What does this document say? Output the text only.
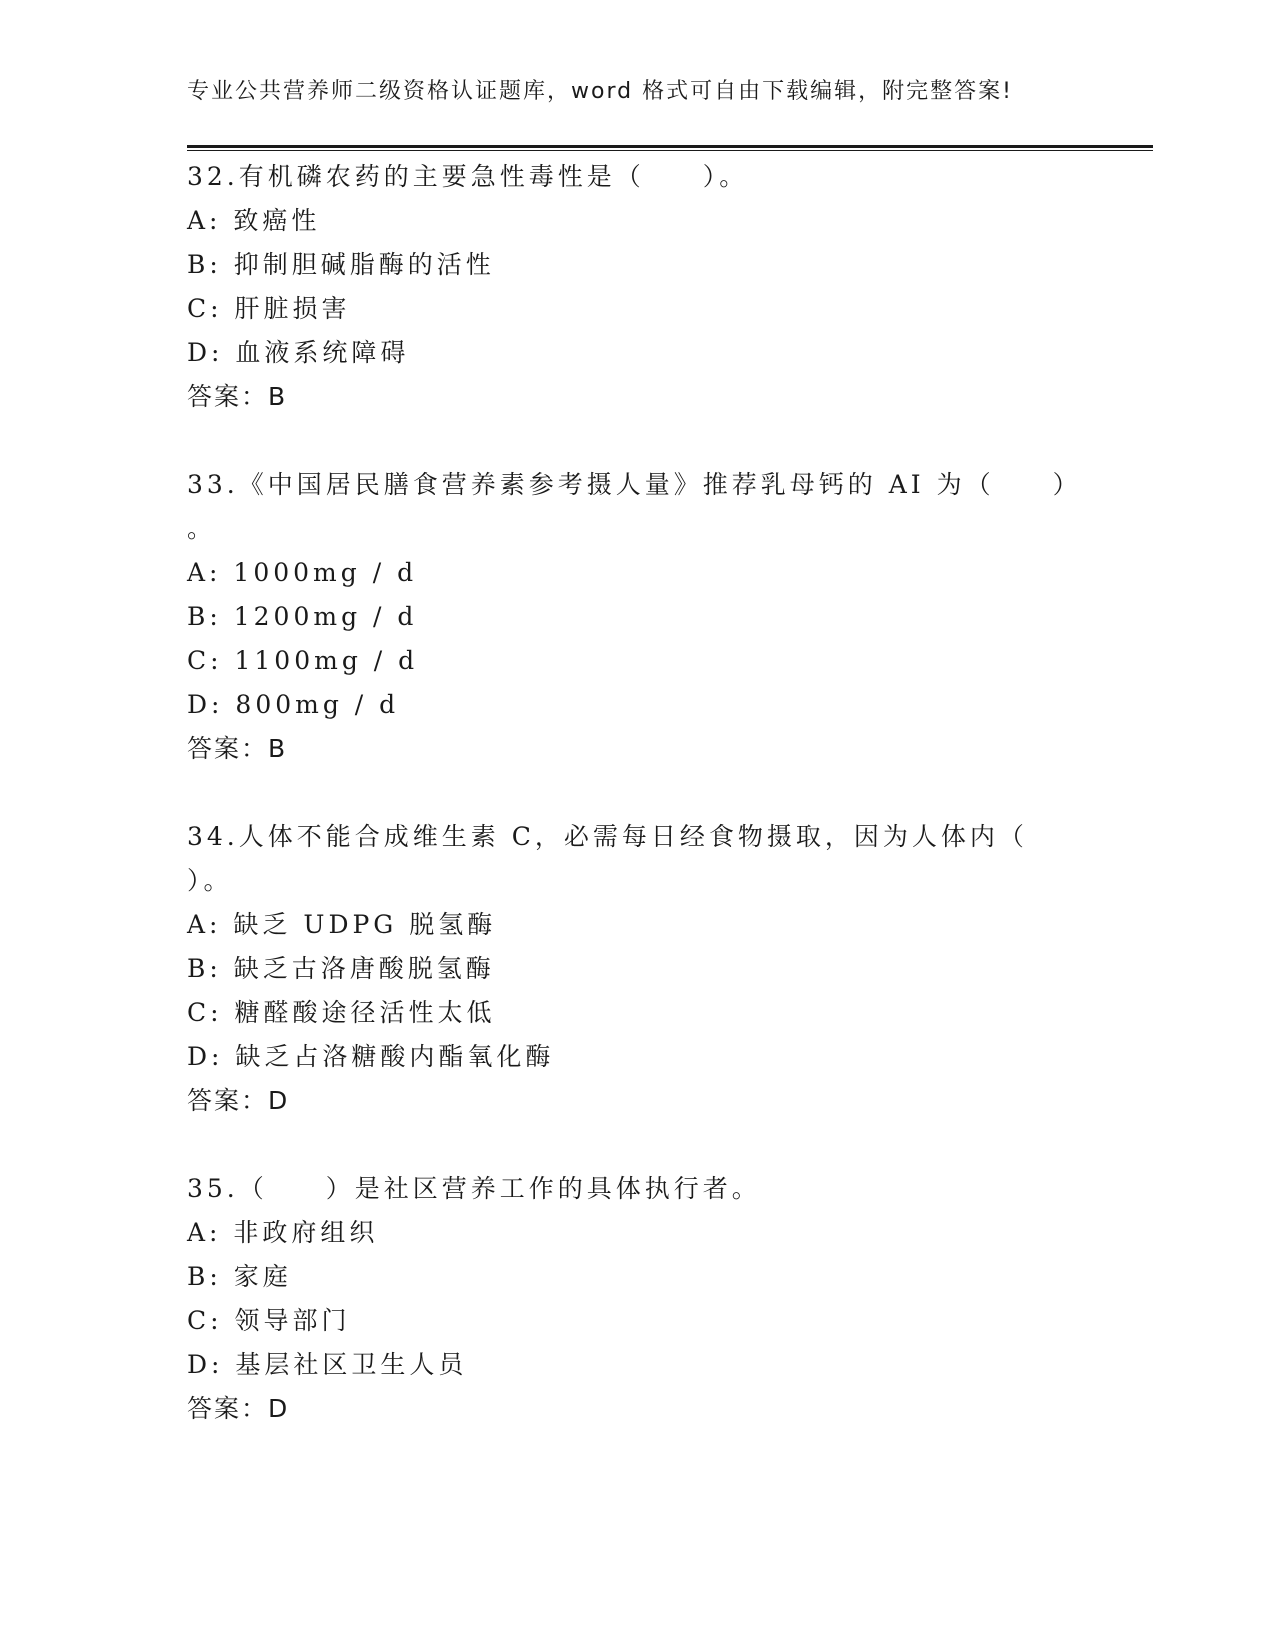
专业公共营养师二级资格认证题库，word 格式可自由下载编辑，附完整答案!
32.有机磷农药的主要急性毒性是（　　）。
A: 致癌性
B: 抑制胆碱脂酶的活性
C: 肝脏损害
D: 血液系统障碍
答案：B
33.《中国居民膳食营养素参考摄人量》推荐乳母钙的 AI 为（　　）
。
A: 1000mg / d
B: 1200mg / d
C: 1100mg / d
D: 800mg / d
答案：B
34.人体不能合成维生素 C，必需每日经食物摄取，因为人体内（
）。
A: 缺乏 UDPG 脱氢酶
B: 缺乏古洛唐酸脱氢酶
C: 糖醛酸途径活性太低
D: 缺乏占洛糖酸内酯氧化酶
答案：D
35.（　　）是社区营养工作的具体执行者。
A: 非政府组织
B: 家庭
C: 领导部门
D: 基层社区卫生人员
答案：D
